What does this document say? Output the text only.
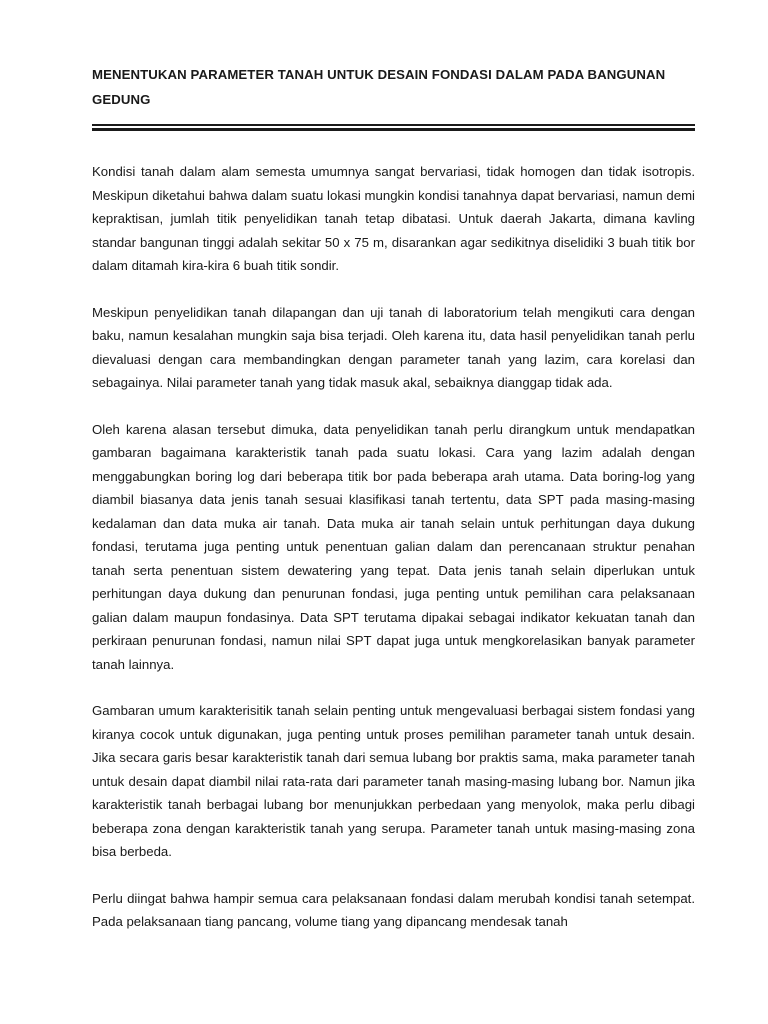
MENENTUKAN PARAMETER TANAH UNTUK DESAIN FONDASI DALAM PADA BANGUNAN GEDUNG

Kondisi tanah dalam alam semesta umumnya sangat bervariasi, tidak homogen dan tidak isotropis. Meskipun diketahui bahwa dalam suatu lokasi mungkin kondisi tanahnya dapat bervariasi, namun demi kepraktisan, jumlah titik penyelidikan tanah tetap dibatasi. Untuk daerah Jakarta, dimana kavling standar bangunan tinggi adalah sekitar 50 x 75 m, disarankan agar sedikitnya diselidiki 3 buah titik bor dalam ditamah kira-kira 6 buah titik sondir.

Meskipun penyelidikan tanah dilapangan dan uji tanah di laboratorium telah mengikuti cara dengan baku, namun kesalahan mungkin saja bisa terjadi. Oleh karena itu, data hasil penyelidikan tanah perlu dievaluasi dengan cara membandingkan dengan parameter tanah yang lazim, cara korelasi dan sebagainya. Nilai parameter tanah yang tidak masuk akal, sebaiknya dianggap tidak ada.

Oleh karena alasan tersebut dimuka, data penyelidikan tanah perlu dirangkum untuk mendapatkan gambaran bagaimana karakteristik tanah pada suatu lokasi. Cara yang lazim adalah dengan menggabungkan boring log dari beberapa titik bor pada beberapa arah utama. Data boring-log yang diambil biasanya data jenis tanah sesuai klasifikasi tanah tertentu, data SPT pada masing-masing kedalaman dan data muka air tanah. Data muka air tanah selain untuk perhitungan daya dukung fondasi, terutama juga penting untuk penentuan galian dalam dan perencanaan struktur penahan tanah serta penentuan sistem dewatering yang tepat. Data jenis tanah selain diperlukan untuk perhitungan daya dukung dan penurunan fondasi, juga penting untuk pemilihan cara pelaksanaan galian dalam maupun fondasinya. Data SPT terutama dipakai sebagai indikator kekuatan tanah dan perkiraan penurunan fondasi, namun nilai SPT dapat juga untuk mengkorelasikan banyak parameter tanah lainnya.

Gambaran umum karakterisitik tanah selain penting untuk mengevaluasi berbagai sistem fondasi yang kiranya cocok untuk digunakan, juga penting untuk proses pemilihan parameter tanah untuk desain. Jika secara garis besar karakteristik tanah dari semua lubang bor praktis sama, maka parameter tanah untuk desain dapat diambil nilai rata-rata dari parameter tanah masing-masing lubang bor. Namun jika karakteristik tanah berbagai lubang bor menunjukkan perbedaan yang menyolok, maka perlu dibagi beberapa zona dengan karakteristik tanah yang serupa. Parameter tanah untuk masing-masing zona bisa berbeda.

Perlu diingat bahwa hampir semua cara pelaksanaan fondasi dalam merubah kondisi tanah setempat. Pada pelaksanaan tiang pancang, volume tiang yang dipancang mendesak tanah
